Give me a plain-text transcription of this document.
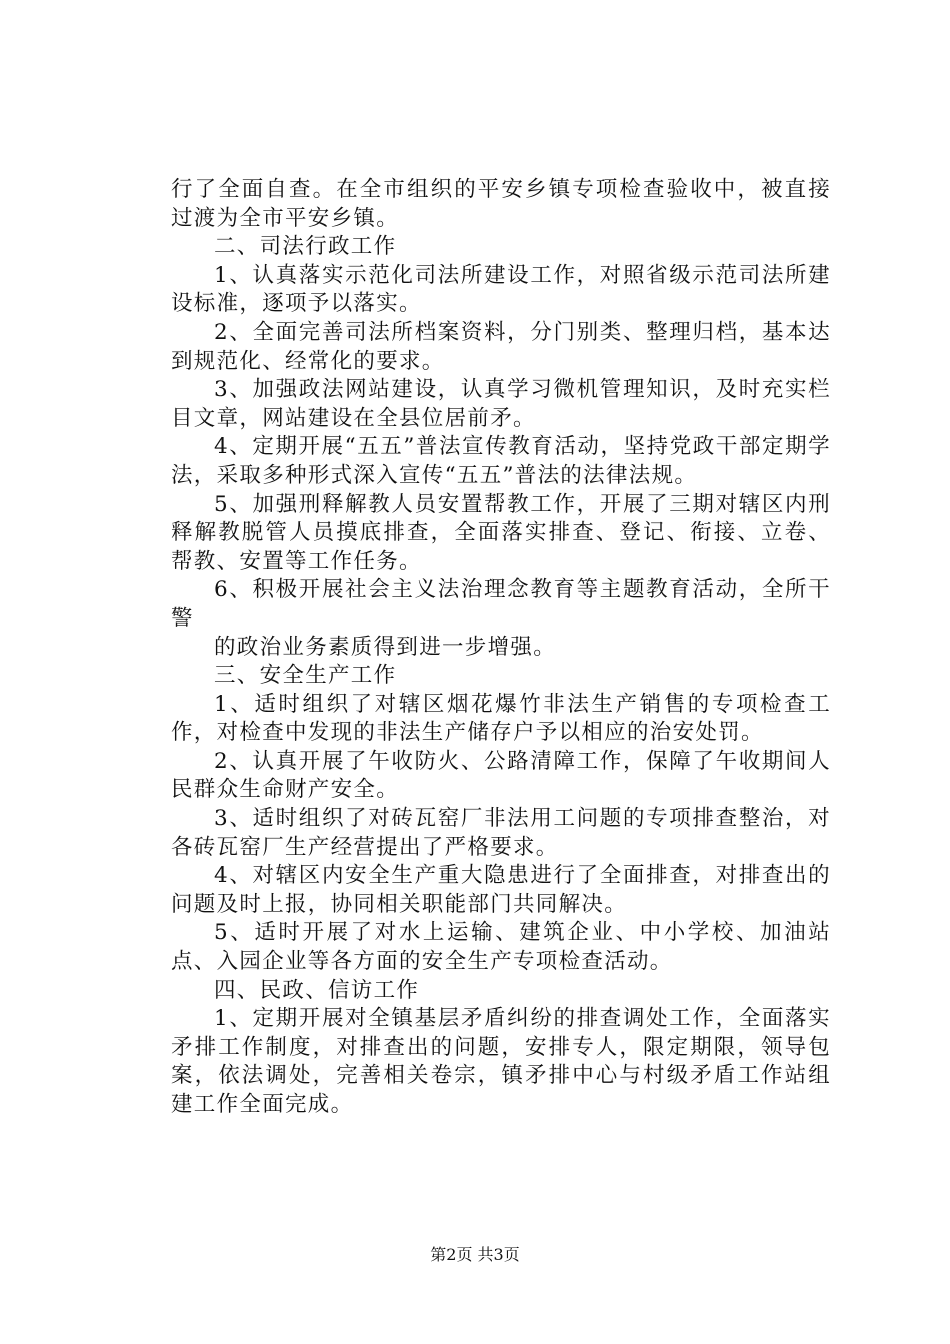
行了全面自查。在全市组织的平安乡镇专项检查验收中，被直接过渡为全市平安乡镇。

二、司法行政工作

1、认真落实示范化司法所建设工作，对照省级示范司法所建设标准，逐项予以落实。

2、全面完善司法所档案资料，分门别类、整理归档，基本达到规范化、经常化的要求。

3、加强政法网站建设，认真学习微机管理知识，及时充实栏目文章，网站建设在全县位居前矛。

4、定期开展“五五”普法宣传教育活动，坚持党政干部定期学法，采取多种形式深入宣传“五五”普法的法律法规。

5、加强刑释解教人员安置帮教工作，开展了三期对辖区内刑释解教脱管人员摸底排查，全面落实排查、登记、衔接、立卷、帮教、安置等工作任务。

6、积极开展社会主义法治理念教育等主题教育活动，全所干警

的政治业务素质得到进一步增强。

三、安全生产工作

1、适时组织了对辖区烟花爆竹非法生产销售的专项检查工作，对检查中发现的非法生产储存户予以相应的治安处罚。

2、认真开展了午收防火、公路清障工作，保障了午收期间人民群众生命财产安全。

3、适时组织了对砖瓦窑厂非法用工问题的专项排查整治，对各砖瓦窑厂生产经营提出了严格要求。

4、对辖区内安全生产重大隐患进行了全面排查，对排查出的问题及时上报，协同相关职能部门共同解决。

5、适时开展了对水上运输、建筑企业、中小学校、加油站点、入园企业等各方面的安全生产专项检查活动。

四、民政、信访工作

1、定期开展对全镇基层矛盾纠纷的排查调处工作，全面落实矛排工作制度，对排查出的问题，安排专人，限定期限，领导包案，依法调处，完善相关卷宗，镇矛排中心与村级矛盾工作站组建工作全面完成。

第2页 共3页
